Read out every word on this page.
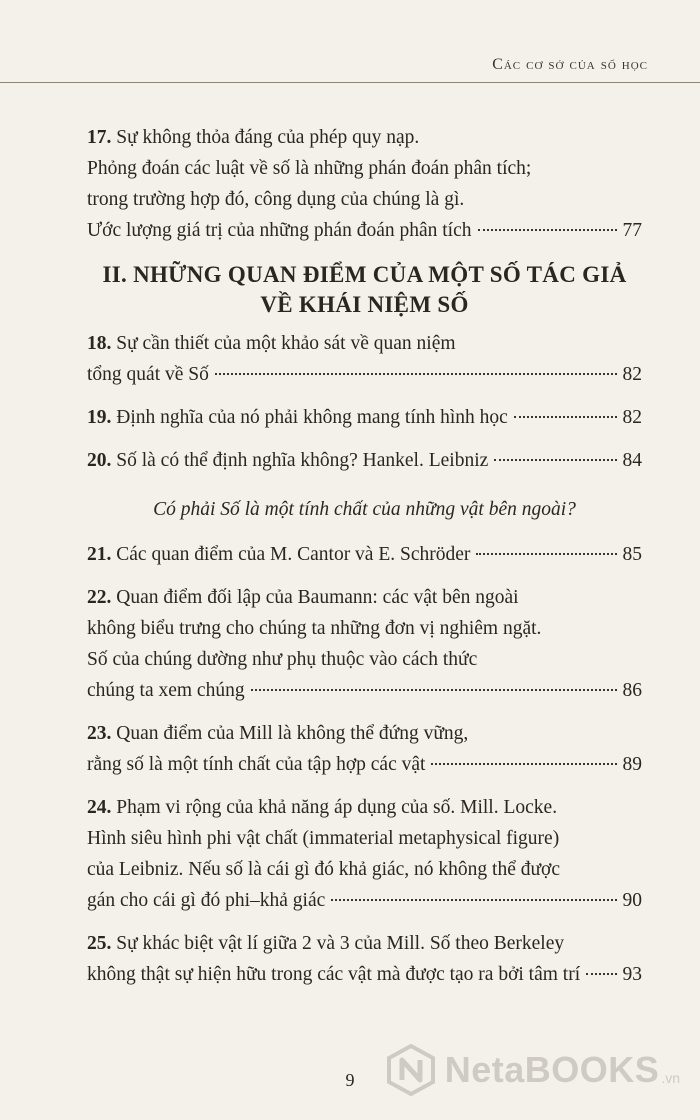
Các cơ sở của số học
17. Sự không thỏa đáng của phép quy nạp.
Phỏng đoán các luật về số là những phán đoán phân tích;
trong trường hợp đó, công dụng của chúng là gì.
Ước lượng giá trị của những phán đoán phân tích	77
II. NHỮNG QUAN ĐIỂM CỦA MỘT SỐ TÁC GIẢ
VỀ KHÁI NIỆM SỐ
18. Sự cần thiết của một khảo sát về quan niệm
tổng quát về Số	82
19. Định nghĩa của nó phải không mang tính hình học	82
20. Số là có thể định nghĩa không? Hankel. Leibniz	84
Có phải Số là một tính chất của những vật bên ngoài?
21. Các quan điểm của M. Cantor và E. Schröder	85
22. Quan điểm đối lập của Baumann: các vật bên ngoài
không biểu trưng cho chúng ta những đơn vị nghiêm ngặt.
Số của chúng dường như phụ thuộc vào cách thức
chúng ta xem chúng	86
23. Quan điểm của Mill là không thể đứng vững,
rằng số là một tính chất của tập hợp các vật	89
24. Phạm vi rộng của khả năng áp dụng của số. Mill. Locke.
Hình siêu hình phi vật chất (immaterial metaphysical figure)
của Leibniz. Nếu số là cái gì đó khả giác, nó không thể được
gán cho cái gì đó phi–khả giác	90
25. Sự khác biệt vật lí giữa 2 và 3 của Mill. Số theo Berkeley
không thật sự hiện hữu trong các vật mà được tạo ra bởi tâm trí 93
9	NetaBOOKS .vn
